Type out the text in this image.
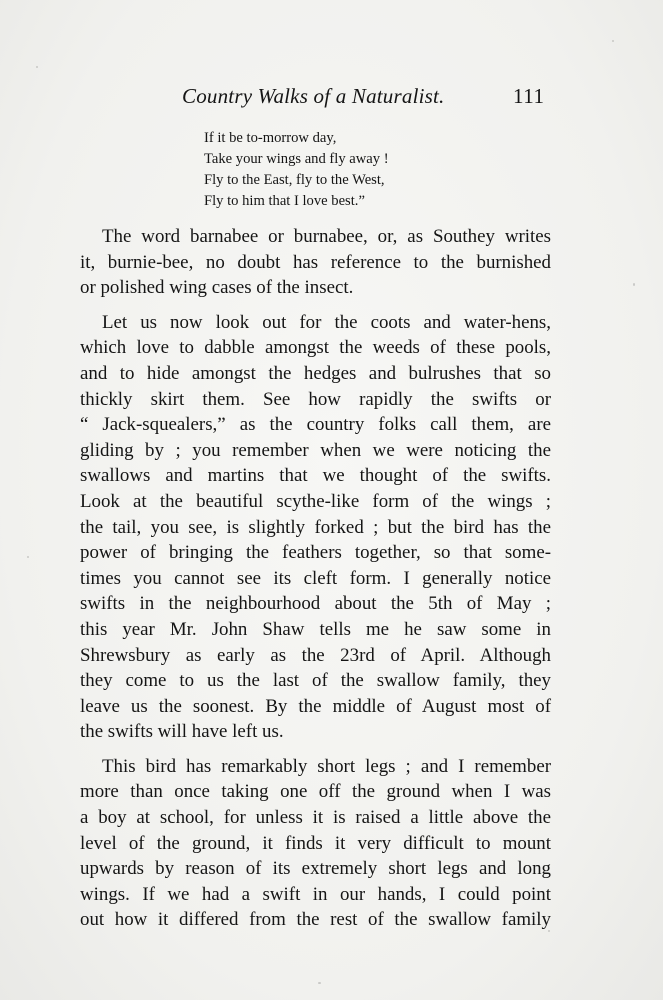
Country Walks of a Naturalist.	111
If it be to-morrow day,
Take your wings and fly away !
Fly to the East, fly to the West,
Fly to him that I love best.”
The word barnabee or burnabee, or, as Southey writes
it, burnie-bee, no doubt has reference to the burnished
or polished wing cases of the insect.
Let us now look out for the coots and water-hens,
which love to dabble amongst the weeds of these pools,
and to hide amongst the hedges and bulrushes that so
thickly skirt them. See how rapidly the swifts or
“ Jack-squealers,” as the country folks call them, are
gliding by ; you remember when we were noticing the
swallows and martins that we thought of the swifts.
Look at the beautiful scythe-like form of the wings ;
the tail, you see, is slightly forked ; but the bird has the
power of bringing the feathers together, so that some-
times you cannot see its cleft form. I generally notice
swifts in the neighbourhood about the 5th of May ;
this year Mr. John Shaw tells me he saw some in
Shrewsbury as early as the 23rd of April. Although
they come to us the last of the swallow family, they
leave us the soonest. By the middle of August most of
the swifts will have left us.
This bird has remarkably short legs ; and I remember
more than once taking one off the ground when I was
a boy at school, for unless it is raised a little above the
level of the ground, it finds it very difficult to mount
upwards by reason of its extremely short legs and long
wings. If we had a swift in our hands, I could point
out how it differed from the rest of the swallow family
